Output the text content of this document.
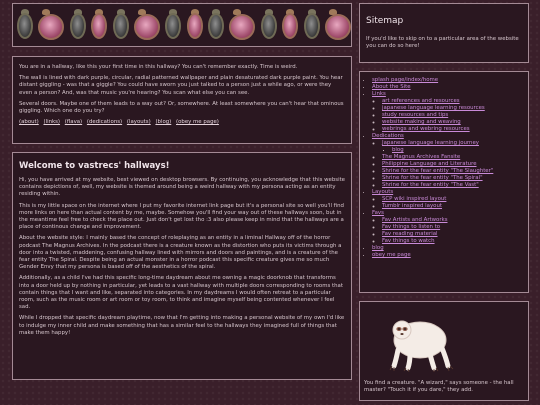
You are in a hallway, like this your first time in this hallway? You can't remember exactly. Time is weird.

The wall is lined with dark purple, circular, radial patterned wallpaper and plain desaturated dark purple paint. You hear distant giggling - was that a giggle? You could have sworn you just talked to a person just a while ago, or were they even a person? And, was that music you're hearing? You scan what else you can see.

Several doors. Maybe one of them leads to a way out? Or, somewhere. At least somewhere you can't hear that ominous giggling. Which one do you try?

(about) (links) (flava) (dedications) (layouts) (blog) (obey me page)
Welcome to vastrecs' hallways!

Hi, you have arrived at my website, best viewed on desktop browsers. By continuing, you acknowledge that this website contains depictions of, well, my website is themed around being a weird hallway with my persona acting as an entity residing within.

This is my little space on the internet where I put my favorite internet link page but it's a personal site so well you'll find more links on here than actual content by me, maybe. Somehow you'll find your way out of these hallways soon, but in the meantime feel free to check the place out. Just don't get lost tho :3 also please keep in mind that the hallways are a place of continous change and improvement.

About the website style: I mainly based the concept of roleplaying as an entity in a liminal Hallway off of the horror podcast The Magnus Archives. In the podcast there is a creature known as the distortion who puts its victims through a door into a twisted, maddening, confusing hallway lined with mirrors and doors and paintings, and is a creature of the fear entity The Spiral. Despite being an actual monster in a horror podcast this specific creature gives me so much Gender Envy that my persona is based off of the aesthetics of the spiral.

Additionally, as a child I've had this specific long-time daydream about me owning a magic doorknob that transforms into a door held up by nothing in particular, yet leads to a vast hallway with multiple doors corresponding to rooms that contain things that I want and like, separated into categories. In my daydreams I would often retreat to a particular room, such as the music room or art room or toy room, to think and imagine myself being contented whenever I feel sad.

While I dropped that specific daydream playtime, now that I'm getting into making a personal website of my own I'd like to indulge my inner child and make something that has a similar feel to the hallways they imagined full of things that make them happy!

Sitemap
If you'd like to skip on to a particular area of the website you can do so here!
• splash page/index/home
• About the Site
• Links
◦ art references and resources
◦ japanese language learning resources
◦ study resources and tips
◦ website making and weaving
◦ webrings and webring resources
• Dedications
◦ Japanese language learning journey
▪ blog
◦ The Magnus Archives Fansite
◦ Philippine Language and Literature
◦ Shrine for the fear entity "The Slaughter"
◦ Shrine for the fear entity "The Spiral"
◦ Shrine for the fear entity "The Vast"
• Layouts
◦ SCP wiki inspired layout
◦ Tumblr inspired layout
• Favs
◦ Fav Artists and Artworks
◦ Fav things to listen to
◦ Fav reading material
◦ Fav things to watch
• blog
• obey me page
You find a creature. "A wizard," says someone - the hall master? "Touch it if you dare," they add.
